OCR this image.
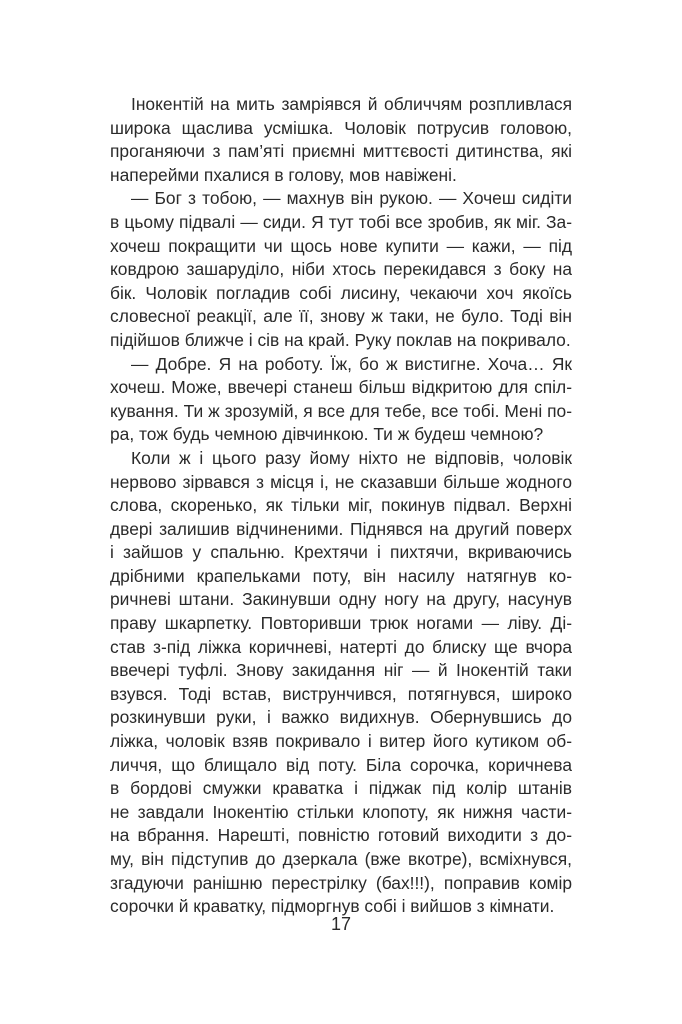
Інокентій на мить замріявся й обличчям розпливлася
широка щаслива усмішка. Чоловік потрусив головою,
проганяючи з пам’яті приємні миттєвості дитинства, які
наперейми пхалися в голову, мов навіжені.
— Бог з тобою, — махнув він рукою. — Хочеш сидіти
в цьому підвалі — сиди. Я тут тобі все зробив, як міг. За-
хочеш покращити чи щось нове купити — кажи, — під
ковдрою зашаруділо, ніби хтось перекидався з боку на
бік. Чоловік погладив собі лисину, чекаючи хоч якоїсь
словесної реакції, але її, знову ж таки, не було. Тоді він
підійшов ближче і сів на край. Руку поклав на покривало.
— Добре. Я на роботу. Їж, бо ж вистигне. Хоча… Як
хочеш. Може, ввечері станеш більш відкритою для спіл-
кування. Ти ж зрозумій, я все для тебе, все тобі. Мені по-
ра, тож будь чемною дівчинкою. Ти ж будеш чемною?
Коли ж і цього разу йому ніхто не відповів, чоловік
нервово зірвався з місця і, не сказавши більше жодного
слова, скоренько, як тільки міг, покинув підвал. Верхні
двері залишив відчиненими. Піднявся на другий поверх
і зайшов у спальню. Крехтячи і пихтячи, вкриваючись
дрібними крапельками поту, він насилу натягнув ко-
ричневі штани. Закинувши одну ногу на другу, насунув
праву шкарпетку. Повторивши трюк ногами — ліву. Ді-
став з-під ліжка коричневі, натерті до блиску ще вчора
ввечері туфлі. Знову закидання ніг — й Інокентій таки
взувся. Тоді встав, виструнчився, потягнувся, широко
розкинувши руки, і важко видихнув. Обернувшись до
ліжка, чоловік взяв покривало і витер його кутиком об-
личчя, що блищало від поту. Біла сорочка, коричнева
в бордові смужки краватка і піджак під колір штанів
не завдали Інокентію стільки клопоту, як нижня части-
на вбрання. Нарешті, повністю готовий виходити з до-
му, він підступив до дзеркала (вже вкотре), всміхнувся,
згадуючи ранішню перестрілку (бах!!!), поправив комір
сорочки й краватку, підморгнув собі і вийшов з кімнати.
17
